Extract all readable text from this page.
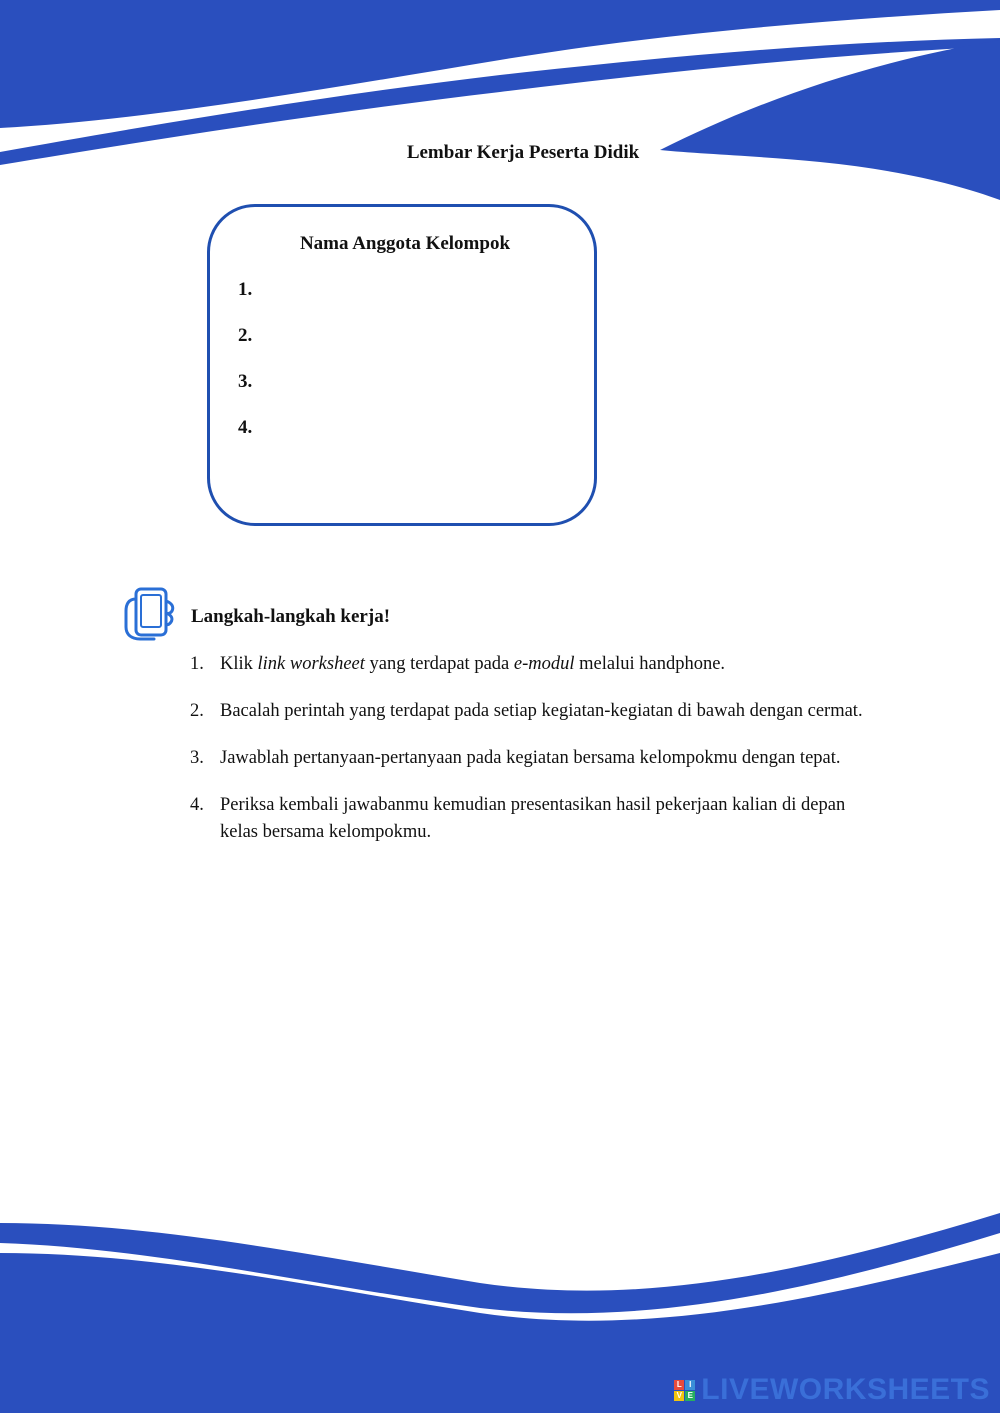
Lembar Kerja Peserta Didik
Nama Anggota Kelompok
1.
2.
3.
4.
Langkah-langkah kerja!
1. Klik link worksheet yang terdapat pada e-modul melalui handphone.
2. Bacalah perintah yang terdapat pada setiap kegiatan-kegiatan di bawah dengan cermat.
3. Jawablah pertanyaan-pertanyaan pada kegiatan bersama kelompokmu dengan tepat.
4. Periksa kembali jawabanmu kemudian presentasikan hasil pekerjaan kalian di depan kelas bersama kelompokmu.
L I
V E LIVEWORKSHEETS
